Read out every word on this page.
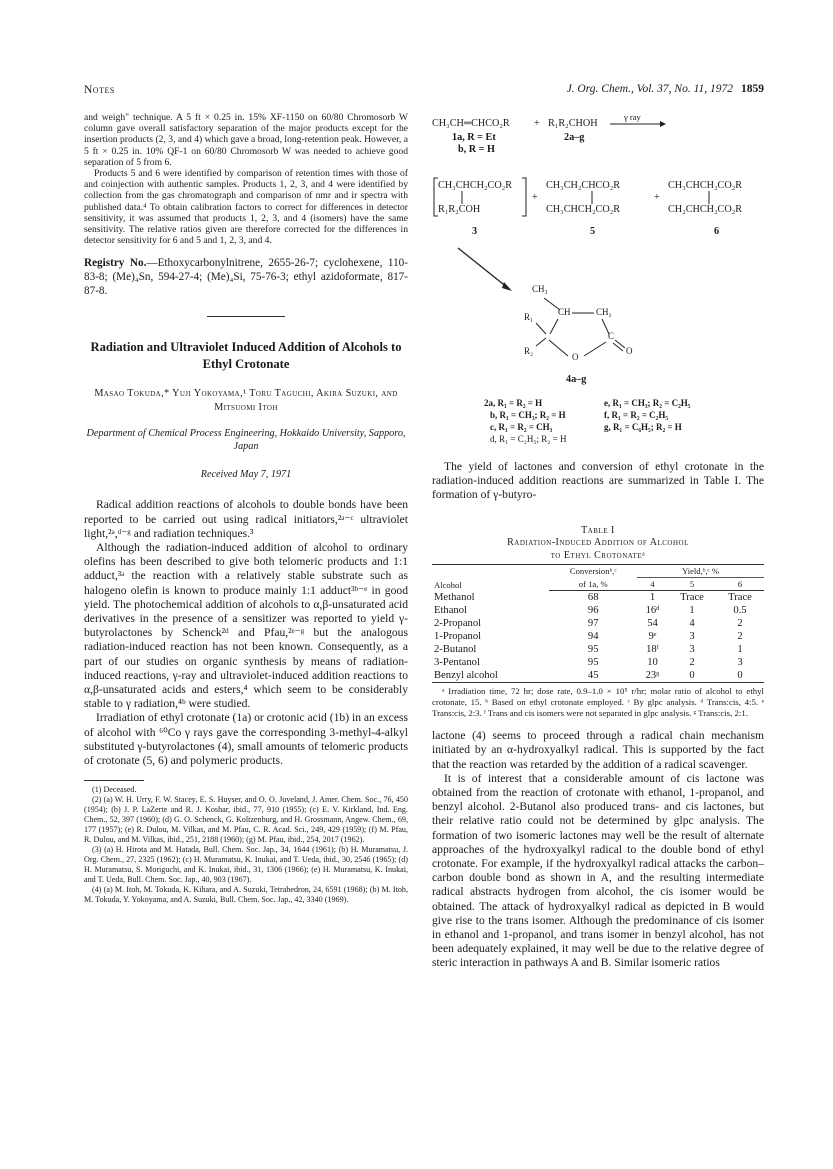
Notes	J. Org. Chem., Vol. 37, No. 11, 1972 1859

and weigh" technique. A 5 ft × 0.25 in. 15% XF-1150 on 60/80 Chromosorb W column gave overall satisfactory separation of the major products except for the insertion products (2, 3, and 4) which gave a broad, long-retention peak. However, a 5 ft × 0.25 in. 10% QF-1 on 60/80 Chromosorb W was needed to achieve good separation of 5 from 6.

Products 5 and 6 were identified by comparison of retention times with those of and coinjection with authentic samples. Products 1, 2, 3, and 4 were identified by collection from the gas chromatograph and comparison of nmr and ir spectra with published data.⁴ To obtain calibration factors to correct for differences in detector sensitivity, it was assumed that products 1, 2, 3, and 4 (isomers) have the same sensitivity. The relative ratios given are therefore corrected for the differences in detector sensitivity for 6 and 5 and 1, 2, 3, and 4.

Registry No.—Ethoxycarbonylnitrene, 2655-26-7; cyclohexene, 110-83-8; (Me)₄Sn, 594-27-4; (Me)₄Si, 75-76-3; ethyl azidoformate, 817-87-8.
Radiation and Ultraviolet Induced Addition of Alcohols to Ethyl Crotonate
Masao Tokuda,* Yuji Yokoyama,¹ Toru Taguchi, Akira Suzuki, and Mitsuomi Itoh
Department of Chemical Process Engineering, Hokkaido University, Sapporo, Japan
Received May 7, 1971

Radical addition reactions of alcohols to double bonds have been reported to be carried out using radical initiators,²ᵃ⁻ᶜ ultraviolet light,²ᵃ,ᵈ⁻ᵍ and radiation techniques.³

Although the radiation-induced addition of alcohol to ordinary olefins has been described to give both telomeric products and 1:1 adduct,³ᵃ the reaction with a relatively stable substrate such as halogeno olefin is known to produce mainly 1:1 adduct³ᵇ⁻ᵉ in good yield. The photochemical addition of alcohols to α,β-unsaturated acid derivatives in the presence of a sensitizer was reported to yield γ-butyrolactones by Schenck²ᵈ and Pfau,²ᵉ⁻ᵍ but the analogous radiation-induced reaction has not been known. Consequently, as a part of our studies on organic synthesis by means of radiation-induced reactions, γ-ray and ultraviolet-induced addition reactions to α,β-unsaturated acids and esters,⁴ which seem to be considerably stable to γ radiation,⁴ᵇ were studied.

Irradiation of ethyl crotonate (1a) or crotonic acid (1b) in an excess of alcohol with ⁶⁰Co γ rays gave the corresponding 3-methyl-4-alkyl substituted γ-butyrolactones (4), small amounts of telomeric products of crotonate (5, 6) and polymeric products.

(1) Deceased.

(2) (a) W. H. Urry, F. W. Stacey, E. S. Huyser, and O. O. Juveland, J. Amer. Chem. Soc., 76, 450 (1954); (b) J. P. LaZerte and R. J. Koshar, ibid., 77, 910 (1955); (c) E. V. Kirkland, Ind. Eng. Chem., 52, 397 (1960); (d) G. O. Schenck, G. Koltzenburg, and H. Grossmann, Angew. Chem., 69, 177 (1957); (e) R. Dulou, M. Vilkas, and M. Pfau, C. R. Acad. Sci., 249, 429 (1959); (f) M. Pfau, R. Dulou, and M. Vilkas, ibid., 251, 2188 (1960); (g) M. Pfau, ibid., 254, 2017 (1962).

(3) (a) H. Hirota and M. Hatada, Bull. Chem. Soc. Jap., 34, 1644 (1961); (b) H. Muramatsu, J. Org. Chem., 27, 2325 (1962); (c) H. Muramatsu, K. Inukai, and T. Ueda, ibid., 30, 2546 (1965); (d) H. Muramatsu, S. Moriguchi, and K. Inukai, ibid., 31, 1306 (1966); (e) H. Muramatsu, K. Inukai, and T. Ueda, Bull. Chem. Soc. Jap., 40, 903 (1967).

(4) (a) M. Itoh, M. Tokuda, K. Kihara, and A. Suzuki, Tetrahedron, 24, 6591 (1968); (b) M. Itoh, M. Tokuda, Y. Yokoyama, and A. Suzuki, Bull. Chem. Soc. Jap., 42, 3340 (1969).

CH₃CH═CHCO₂R + R₁R₂CHOH
γ ray
1a, R = Et
b, R = H
2a–g
CH₃CHCH₂CO₂R
R₁R₂COH
3
+
CH₃CH₂CHCO₂R
CH₃CHCH₂CO₂R
5
+
CH₃CHCH₂CO₂R
CH₂CHCH₂CO₂R
6
CH₃
R₁
R₂
CH	CH₂
O
C
O
4a–g
2a, R₁ = R₂ = H	e, R₁ = CH₃; R₂ = C₂H₅
b, R₁ = CH₃; R₂ = H	f, R₁ = R₂ = C₂H₅
c, R₁ = R₂ = CH₃	g, R₁ = C₆H₅; R₂ = H
d, R₁ = C₂H₅; R₂ = H

The yield of lactones and conversion of ethyl crotonate in the radiation-induced addition reactions are summarized in Table I. The formation of γ-butyro-

Table I
Radiation-Induced Addition of Alcohol
to Ethyl Crotonateᵃ
Alcohol	Conversionᵇ,ᶜ	Yield,ᵇ,ᶜ %		
	of 1a, %	4	5	6
Methanol	68	1	Trace	Trace
Ethanol	96	16ᵈ	1	0.5
2-Propanol	97	54	4	2
1-Propanol	94	9ᵉ	3	2
2-Butanol	95	18ᶠ	3	1
3-Pentanol	95	10	2	3
Benzyl alcohol	45	23ᵍ	0	0

ᵃ Irradiation time, 72 hr; dose rate, 0.9–1.0 × 10⁵ r/hr; molar ratio of alcohol to ethyl crotonate, 15. ᵇ Based on ethyl crotonate employed. ᶜ By glpc analysis. ᵈ Trans:cis, 4:5. ᵉ Trans:cis, 2:3. ᶠ Trans and cis isomers were not separated in glpc analysis. ᵍ Trans:cis, 2:1.

lactone (4) seems to proceed through a radical chain mechanism initiated by an α-hydroxyalkyl radical. This is supported by the fact that the reaction was retarded by the addition of a radical scavenger.

It is of interest that a considerable amount of cis lactone was obtained from the reaction of crotonate with ethanol, 1-propanol, and benzyl alcohol. 2-Butanol also produced trans- and cis lactones, but their relative ratio could not be determined by glpc analysis. The formation of two isomeric lactones may well be the result of alternate approaches of the hydroxyalkyl radical to the double bond of ethyl crotonate. For example, if the hydroxyalkyl radical attacks the carbon–carbon double bond as shown in A, and the resulting intermediate radical abstracts hydrogen from alcohol, the cis isomer would be obtained. The attack of hydroxyalkyl radical as depicted in B would give rise to the trans isomer. Although the predominance of cis isomer in ethanol and 1-propanol, and trans isomer in benzyl alcohol, has not been adequately explained, it may well be due to the relative degree of steric interaction in pathways A and B. Similar isomeric ratios
